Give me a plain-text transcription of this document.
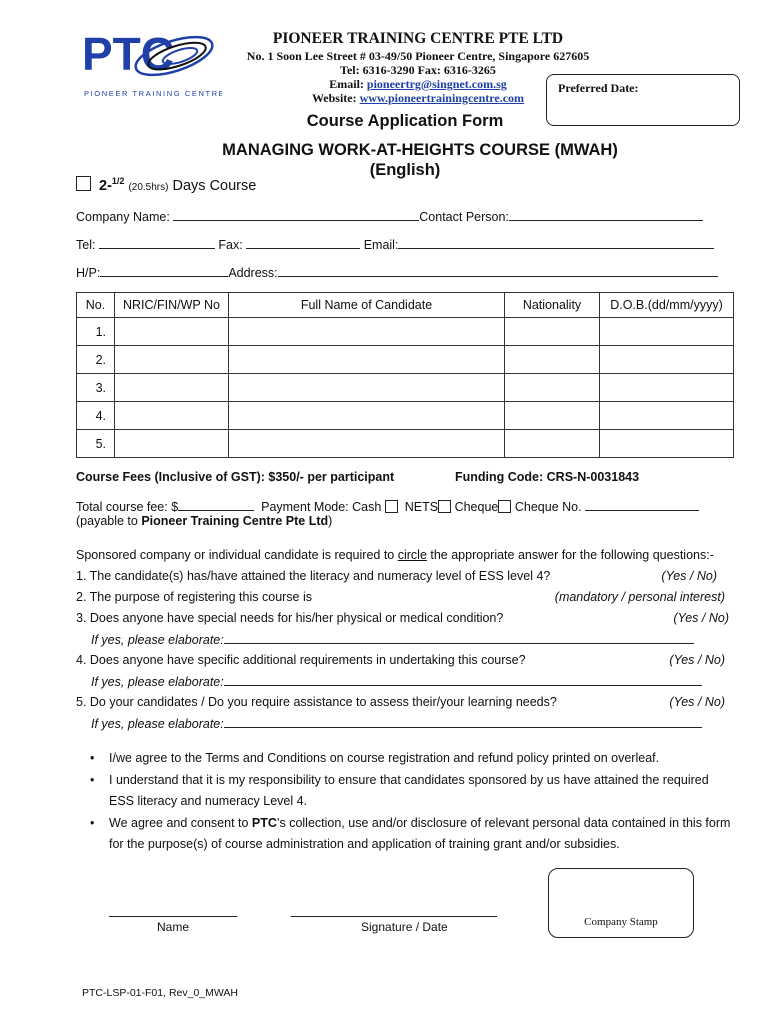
PTC
PIONEER TRAINING CENTRE
PIONEER TRAINING CENTRE PTE LTD
No. 1 Soon Lee Street # 03-49/50 Pioneer Centre, Singapore 627605
Tel: 6316-3290 Fax: 6316-3265
Email: pioneertrg@singnet.com.sg
Website: www.pioneertrainingcentre.com
Preferred Date:
Course Application Form
MANAGING WORK-AT-HEIGHTS COURSE (MWAH)
(English)
2-$^{1/2}$ (20.5hrs) Days Course
Company Name:	Contact Person:
Tel:	Fax:	Email:
H/P:	Address:
No.	NRIC/FIN/WP No	Full Name of Candidate	Nationality	D.O.B.(dd/mm/yyyy)
1.				
2.				
3.				
4.				
5.				
Course Fees (Inclusive of GST): $350/- per participant	Funding Code: CRS-N-0031843
Total course fee: $	Payment Mode: Cash NETS Cheque Cheque No.
(payable to Pioneer Training Centre Pte Ltd)
Sponsored company or individual candidate is required to circle the appropriate answer for the following questions:-
1. The candidate(s) has/have attained the literacy and numeracy level of ESS level 4?	(Yes / No)
2. The purpose of registering this course is	(mandatory / personal interest)
3. Does anyone have special needs for his/her physical or medical condition?	(Yes / No)
If yes, please elaborate:
4. Does anyone have specific additional requirements in undertaking this course?	(Yes / No)
If yes, please elaborate:
5. Do your candidates / Do you require assistance to assess their/your learning needs?	(Yes / No)
If yes, please elaborate:
• I/we agree to the Terms and Conditions on course registration and refund policy printed on overleaf.
• I understand that it is my responsibility to ensure that candidates sponsored by us have attained the required ESS literacy and numeracy Level 4.
• We agree and consent to PTC’s collection, use and/or disclosure of relevant personal data contained in this form for the purpose(s) of course administration and application of training grant and/or subsidies.
Company Stamp
Name	Signature / Date
PTC-LSP-01-F01, Rev_0_MWAH
